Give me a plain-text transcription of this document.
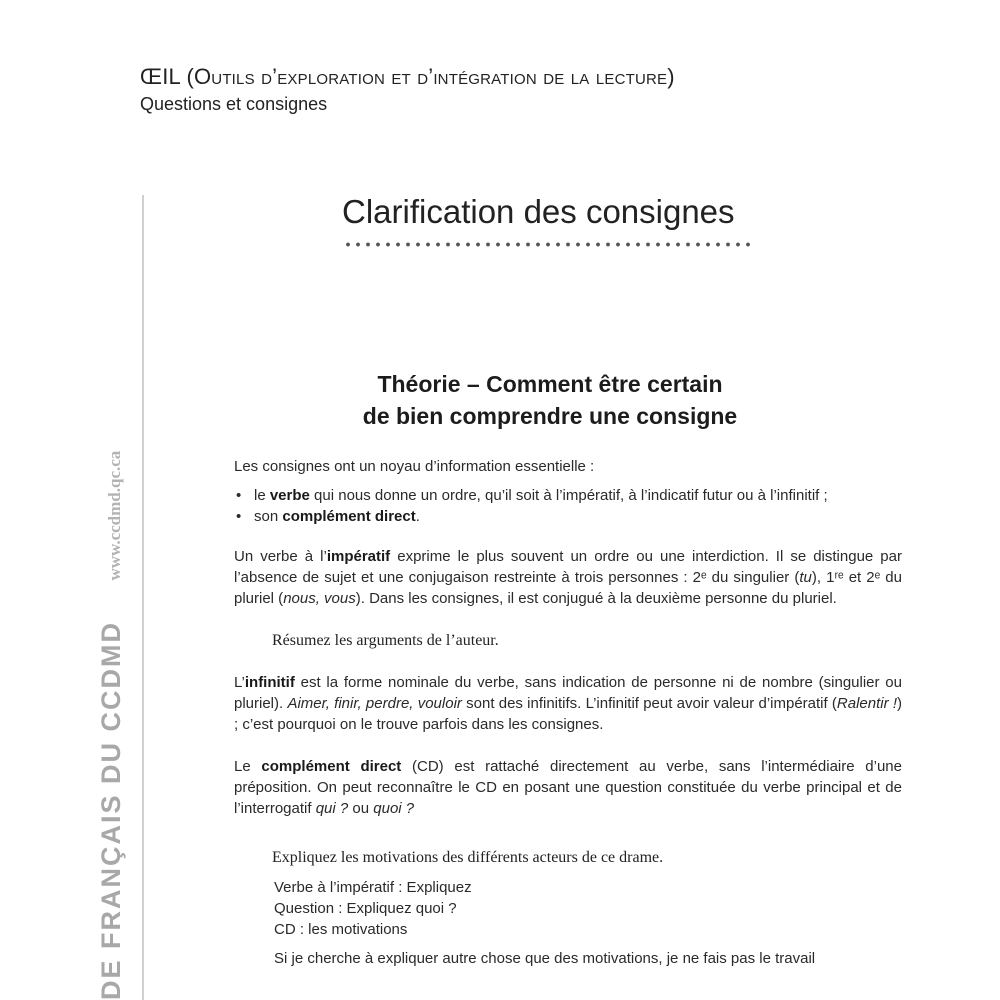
ŒIL (Outils d’exploration et d’intégration de la lecture)
Questions et consignes
DE FRANÇAIS DU CCDMD www.ccdmd.qc.ca
Clarification des consignes
Théorie – Comment être certain
de bien comprendre une consigne

Les consignes ont un noyau d’information essentielle :

• le verbe qui nous donne un ordre, qu’il soit à l’impératif, à l’indicatif futur ou à l’infinitif ;
• son complément direct.

Un verbe à l’impératif exprime le plus souvent un ordre ou une interdiction. Il se distingue par l’absence de sujet et une conjugaison restreinte à trois personnes : 2ᵉ du singulier (tu), 1ʳᵉ et 2ᵉ du pluriel (nous, vous). Dans les consignes, il est conjugué à la deuxième personne du pluriel.

Résumez les arguments de l’auteur.

L’infinitif est la forme nominale du verbe, sans indication de personne ni de nombre (singulier ou pluriel). Aimer, finir, perdre, vouloir sont des infinitifs. L’infinitif peut avoir valeur d’impératif (Ralentir !) ; c’est pourquoi on le trouve parfois dans les consignes.

Le complément direct (CD) est rattaché directement au verbe, sans l’intermédiaire d’une préposition. On peut reconnaître le CD en posant une question constituée du verbe principal et de l’interrogatif qui ? ou quoi ?

Expliquez les motivations des différents acteurs de ce drame.

Verbe à l’impératif : Expliquez
Question : Expliquez quoi ?
CD : les motivations
Si je cherche à expliquer autre chose que des motivations, je ne fais pas le travail
